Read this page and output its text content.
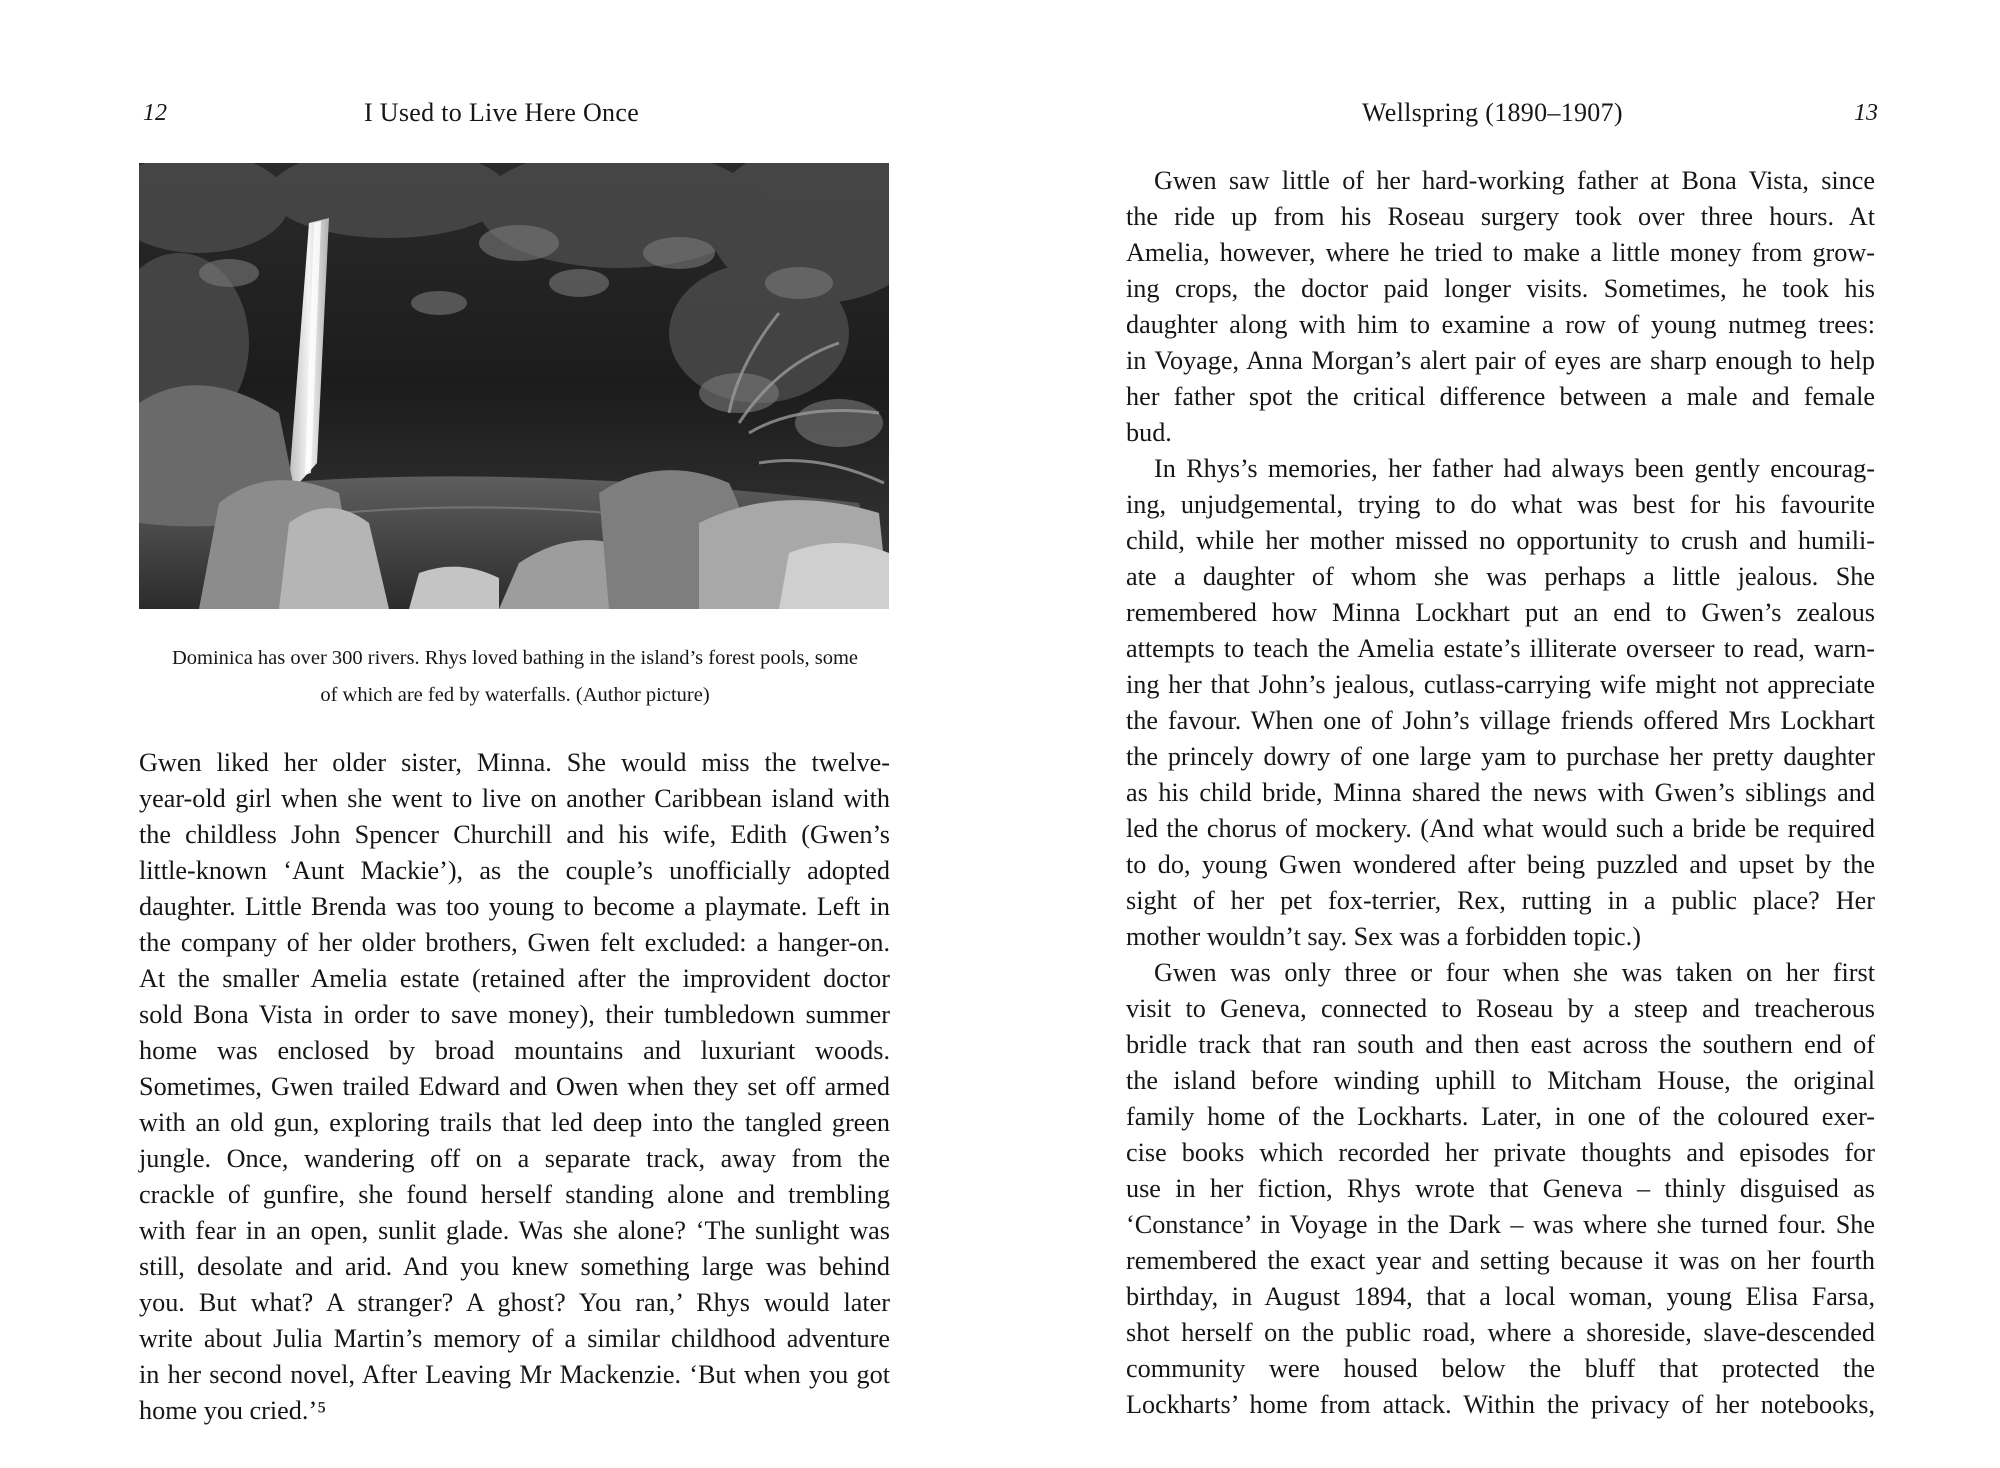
12	I Used to Live Here Once
Dominica has over 300 rivers. Rhys loved bathing in the island’s forest pools, some
of which are fed by waterfalls. (Author picture)
Gwen liked her older sister, Minna. She would miss the twelve-
year-old girl when she went to live on another Caribbean island with
the childless John Spencer Churchill and his wife, Edith (Gwen’s
little-known ‘Aunt Mackie’), as the couple’s unofficially adopted
daughter. Little Brenda was too young to become a playmate. Left in
the company of her older brothers, Gwen felt excluded: a hanger-on.
At the smaller Amelia estate (retained after the improvident doctor
sold Bona Vista in order to save money), their tumbledown summer
home was enclosed by broad mountains and luxuriant woods.
Sometimes, Gwen trailed Edward and Owen when they set off armed
with an old gun, exploring trails that led deep into the tangled green
jungle. Once, wandering off on a separate track, away from the
crackle of gunfire, she found herself standing alone and trembling
with fear in an open, sunlit glade. Was she alone? ‘The sunlight was
still, desolate and arid. And you knew something large was behind
you. But what? A stranger? A ghost? You ran,’ Rhys would later
write about Julia Martin’s memory of a similar childhood adventure
in her second novel, After Leaving Mr Mackenzie. ‘But when you got
home you cried.’⁵
Wellspring (1890–1907)	13
Gwen saw little of her hard-working father at Bona Vista, since
the ride up from his Roseau surgery took over three hours. At
Amelia, however, where he tried to make a little money from grow-
ing crops, the doctor paid longer visits. Sometimes, he took his
daughter along with him to examine a row of young nutmeg trees:
in Voyage, Anna Morgan’s alert pair of eyes are sharp enough to help
her father spot the critical difference between a male and female
bud.
In Rhys’s memories, her father had always been gently encourag-
ing, unjudgemental, trying to do what was best for his favourite
child, while her mother missed no opportunity to crush and humili-
ate a daughter of whom she was perhaps a little jealous. She
remembered how Minna Lockhart put an end to Gwen’s zealous
attempts to teach the Amelia estate’s illiterate overseer to read, warn-
ing her that John’s jealous, cutlass-carrying wife might not appreciate
the favour. When one of John’s village friends offered Mrs Lockhart
the princely dowry of one large yam to purchase her pretty daughter
as his child bride, Minna shared the news with Gwen’s siblings and
led the chorus of mockery. (And what would such a bride be required
to do, young Gwen wondered after being puzzled and upset by the
sight of her pet fox-terrier, Rex, rutting in a public place? Her
mother wouldn’t say. Sex was a forbidden topic.)
Gwen was only three or four when she was taken on her first
visit to Geneva, connected to Roseau by a steep and treacherous
bridle track that ran south and then east across the southern end of
the island before winding uphill to Mitcham House, the original
family home of the Lockharts. Later, in one of the coloured exer-
cise books which recorded her private thoughts and episodes for
use in her fiction, Rhys wrote that Geneva – thinly disguised as
‘Constance’ in Voyage in the Dark – was where she turned four. She
remembered the exact year and setting because it was on her fourth
birthday, in August 1894, that a local woman, young Elisa Farsa,
shot herself on the public road, where a shoreside, slave-descended
community were housed below the bluff that protected the
Lockharts’ home from attack. Within the privacy of her notebooks,
